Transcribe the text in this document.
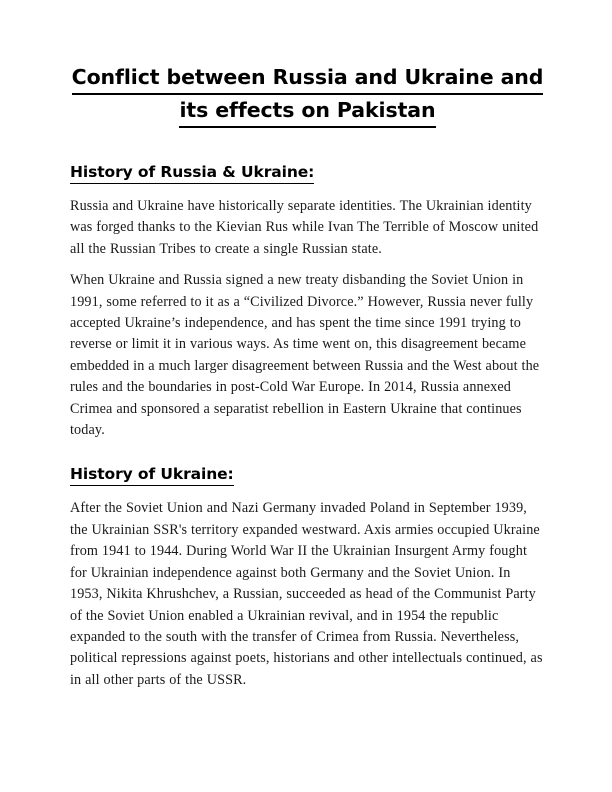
Conflict between Russia and Ukraine and
its effects on Pakistan
History of Russia & Ukraine:

Russia and Ukraine have historically separate identities. The Ukrainian identity was forged thanks to the Kievian Rus while Ivan The Terrible of Moscow united all the Russian Tribes to create a single Russian state.

When Ukraine and Russia signed a new treaty disbanding the Soviet Union in 1991, some referred to it as a “Civilized Divorce.” However, Russia never fully accepted Ukraine’s independence, and has spent the time since 1991 trying to reverse or limit it in various ways. As time went on, this disagreement became embedded in a much larger disagreement between Russia and the West about the rules and the boundaries in post-Cold War Europe. In 2014, Russia annexed Crimea and sponsored a separatist rebellion in Eastern Ukraine that continues today.

History of Ukraine:

After the Soviet Union and Nazi Germany invaded Poland in September 1939, the Ukrainian SSR's territory expanded westward. Axis armies occupied Ukraine from 1941 to 1944. During World War II the Ukrainian Insurgent Army fought for Ukrainian independence against both Germany and the Soviet Union. In 1953, Nikita Khrushchev, a Russian, succeeded as head of the Communist Party of the Soviet Union enabled a Ukrainian revival, and in 1954 the republic expanded to the south with the transfer of Crimea from Russia. Nevertheless, political repressions against poets, historians and other intellectuals continued, as in all other parts of the USSR.
